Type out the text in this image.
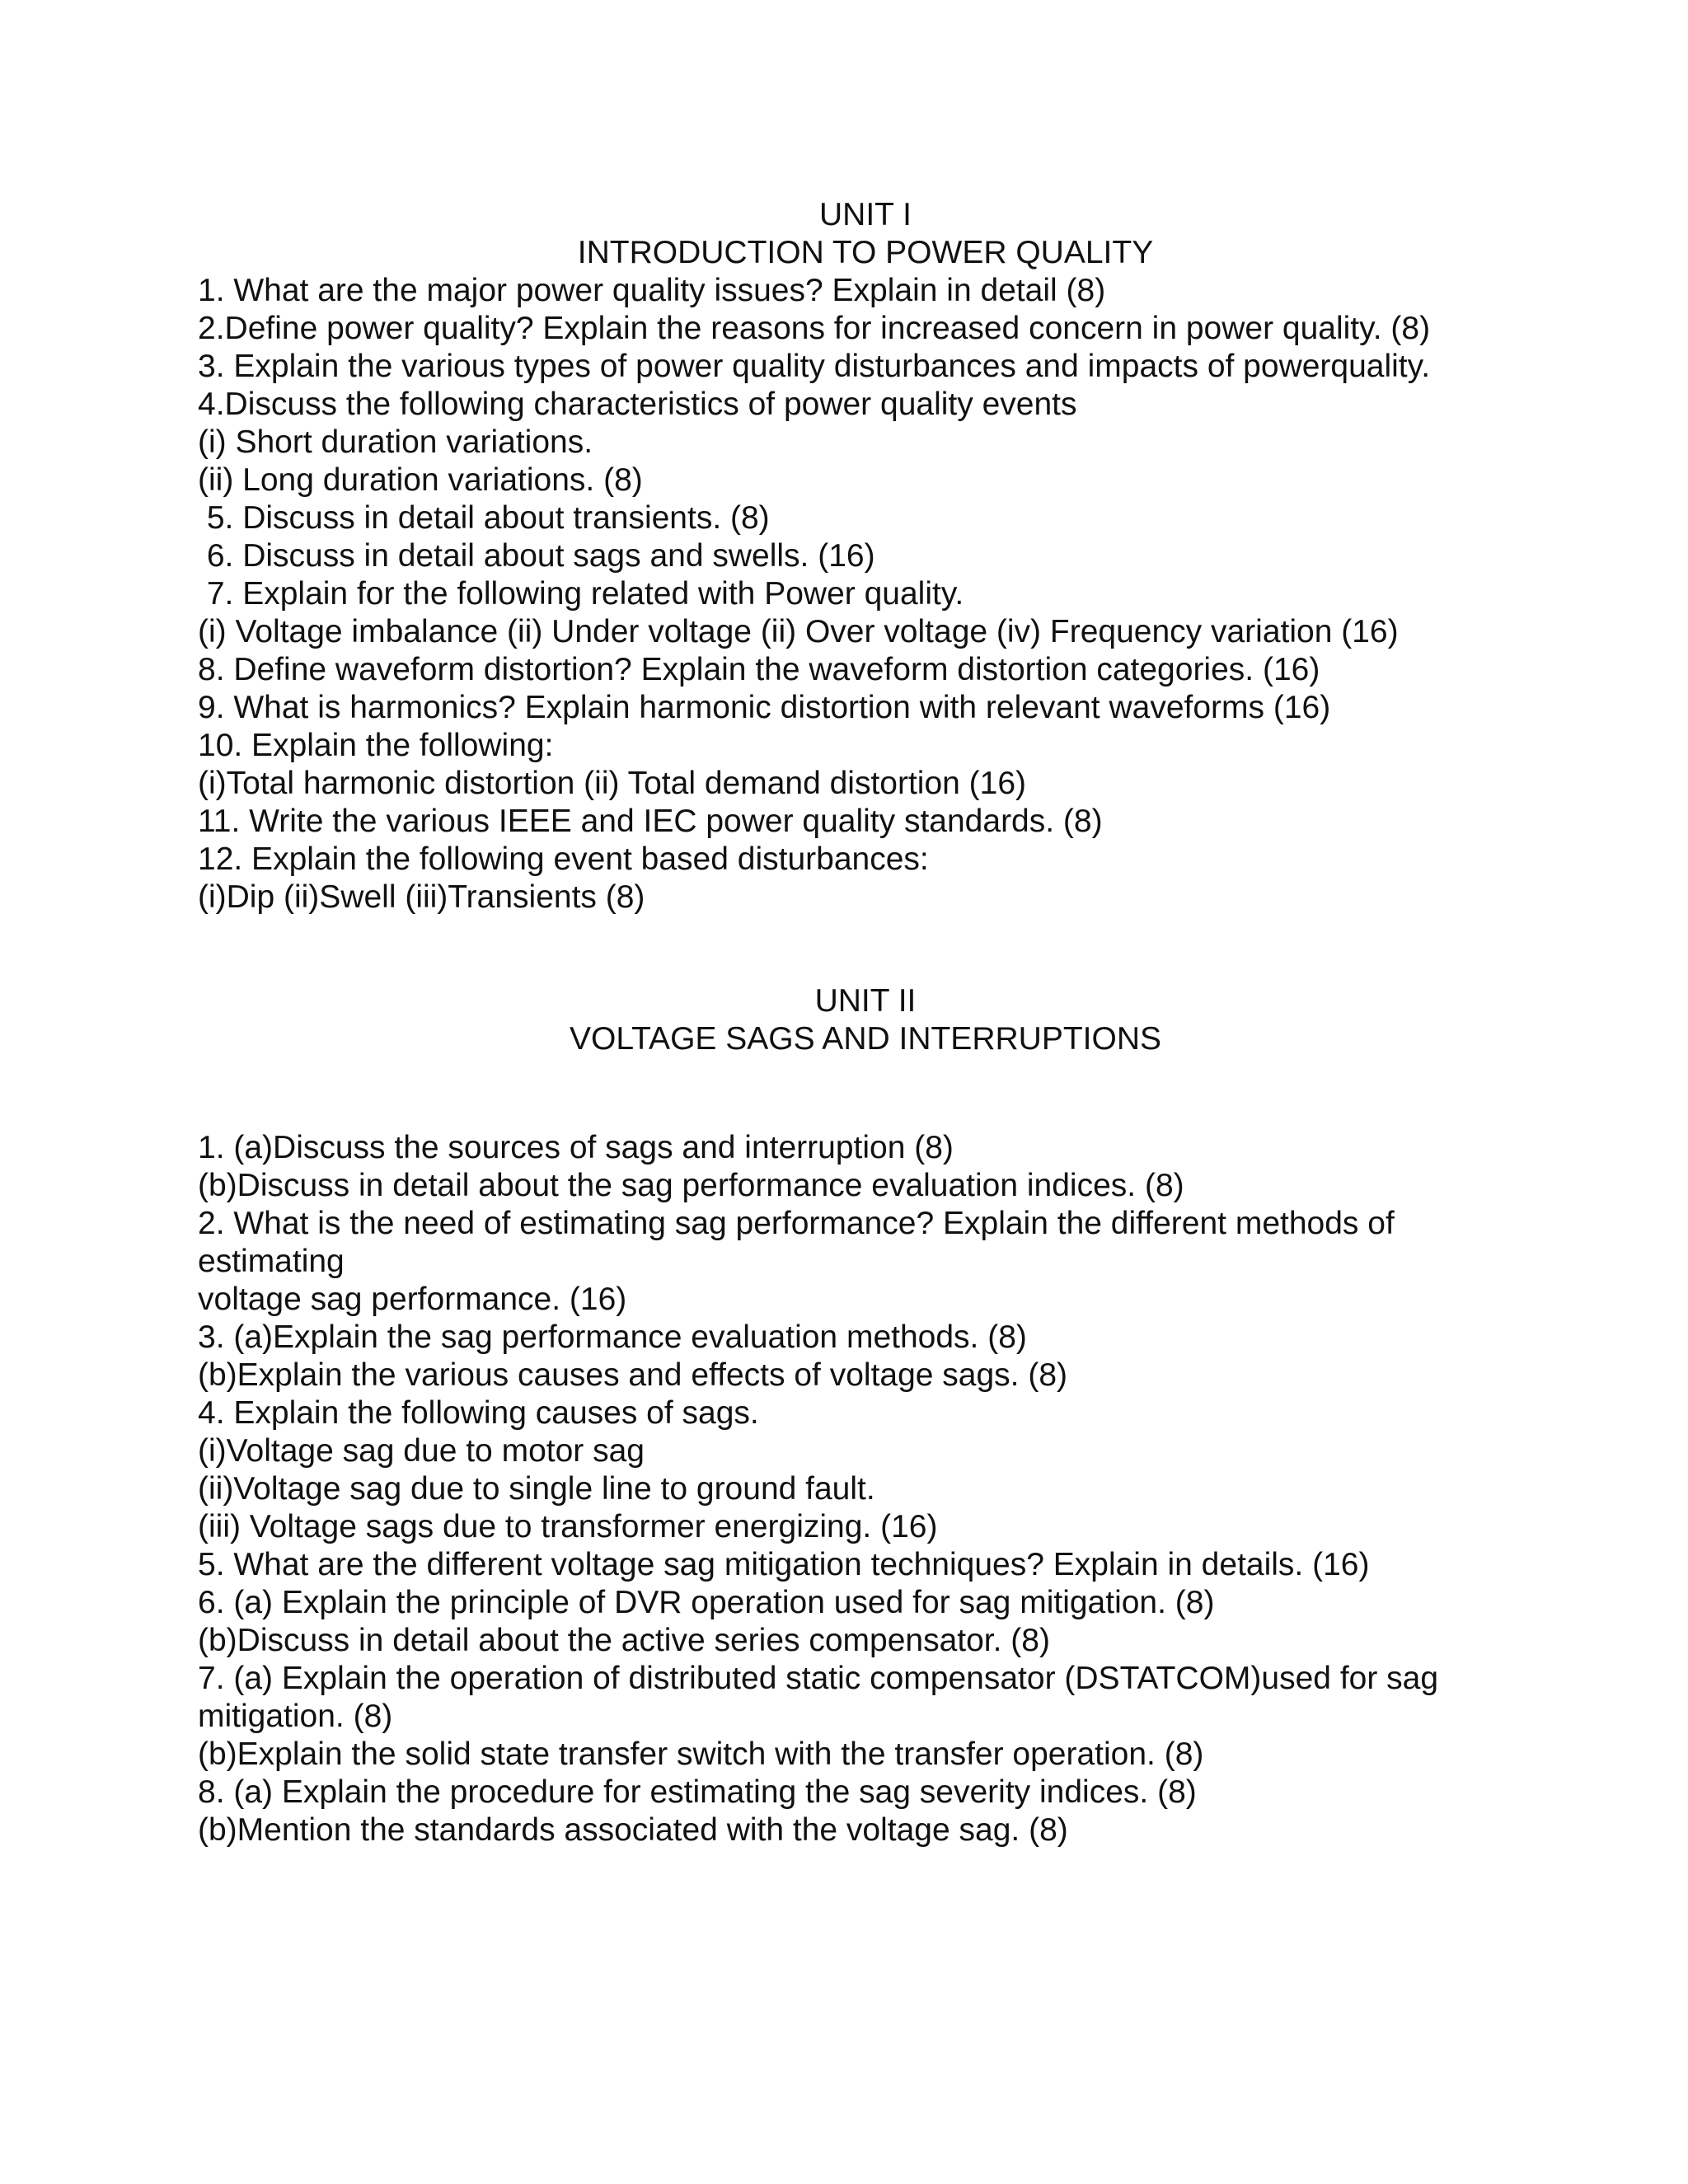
UNIT I
INTRODUCTION TO POWER QUALITY
1. What are the major power quality issues? Explain in detail (8)
2.Define power quality? Explain the reasons for increased concern in power quality. (8)
3. Explain the various types of power quality disturbances and impacts of powerquality.
4.Discuss the following characteristics of power quality events
(i) Short duration variations.
(ii) Long duration variations. (8)
5. Discuss in detail about transients. (8)
6. Discuss in detail about sags and swells. (16)
7. Explain for the following related with Power quality.
(i) Voltage imbalance (ii) Under voltage (ii) Over voltage (iv) Frequency variation (16)
8. Define waveform distortion? Explain the waveform distortion categories. (16)
9. What is harmonics? Explain harmonic distortion with relevant waveforms (16)
10. Explain the following:
(i)Total harmonic distortion (ii) Total demand distortion (16)
11. Write the various IEEE and IEC power quality standards. (8)
12. Explain the following event based disturbances:
(i)Dip (ii)Swell (iii)Transients (8)
UNIT II
VOLTAGE SAGS AND INTERRUPTIONS
1. (a)Discuss the sources of sags and interruption (8)
(b)Discuss in detail about the sag performance evaluation indices. (8)
2. What is the need of estimating sag performance? Explain the different methods of
estimating
voltage sag performance. (16)
3. (a)Explain the sag performance evaluation methods. (8)
(b)Explain the various causes and effects of voltage sags. (8)
4. Explain the following causes of sags.
(i)Voltage sag due to motor sag
(ii)Voltage sag due to single line to ground fault.
(iii) Voltage sags due to transformer energizing. (16)
5. What are the different voltage sag mitigation techniques? Explain in details. (16)
6. (a) Explain the principle of DVR operation used for sag mitigation. (8)
(b)Discuss in detail about the active series compensator. (8)
7. (a) Explain the operation of distributed static compensator (DSTATCOM)used for sag
mitigation. (8)
(b)Explain the solid state transfer switch with the transfer operation. (8)
8. (a) Explain the procedure for estimating the sag severity indices. (8)
(b)Mention the standards associated with the voltage sag. (8)
